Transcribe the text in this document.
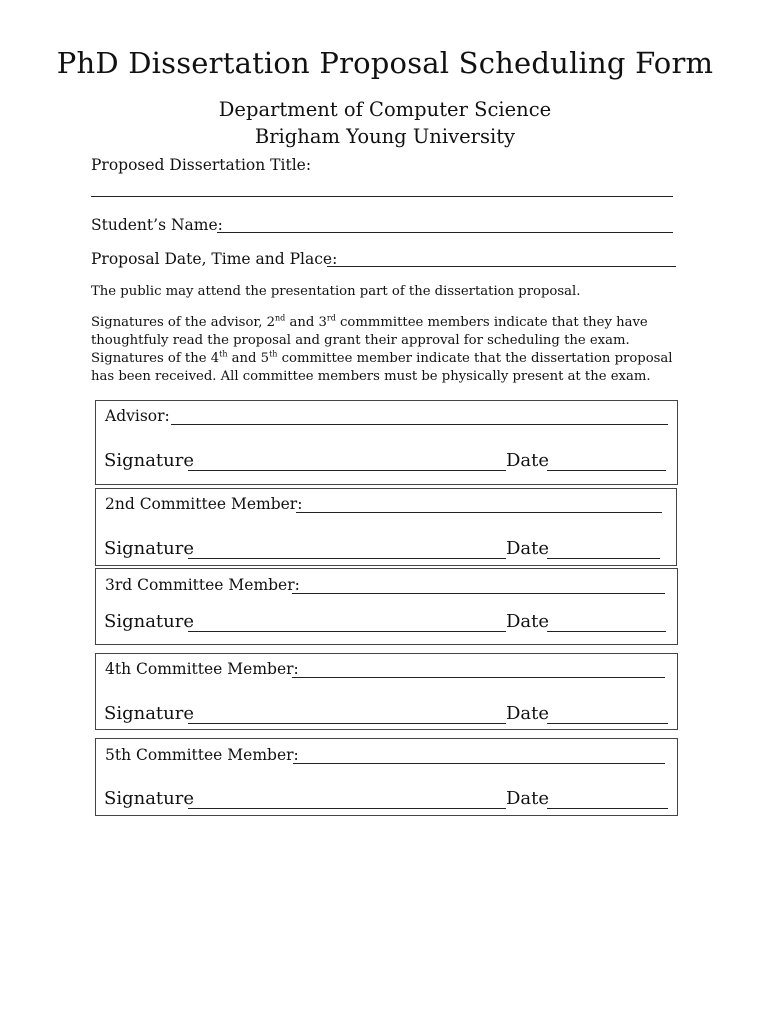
PhD Dissertation Proposal Scheduling Form
Department of Computer Science
Brigham Young University
Proposed Dissertation Title:
Student’s Name:
Proposal Date, Time and Place:
The public may attend the presentation part of the dissertation proposal.
Signatures of the advisor, 2nd and 3rd commmittee members indicate that they have thoughtfuly read the proposal and grant their approval for scheduling the exam. Signatures of the 4th and 5th committee member indicate that the dissertation proposal has been received. All committee members must be physically present at the exam.
Advisor:
Signature	Date
2nd Committee Member:
Signature	Date
3rd Committee Member:
Signature	Date
4th Committee Member:
Signature	Date
5th Committee Member:
Signature	Date
